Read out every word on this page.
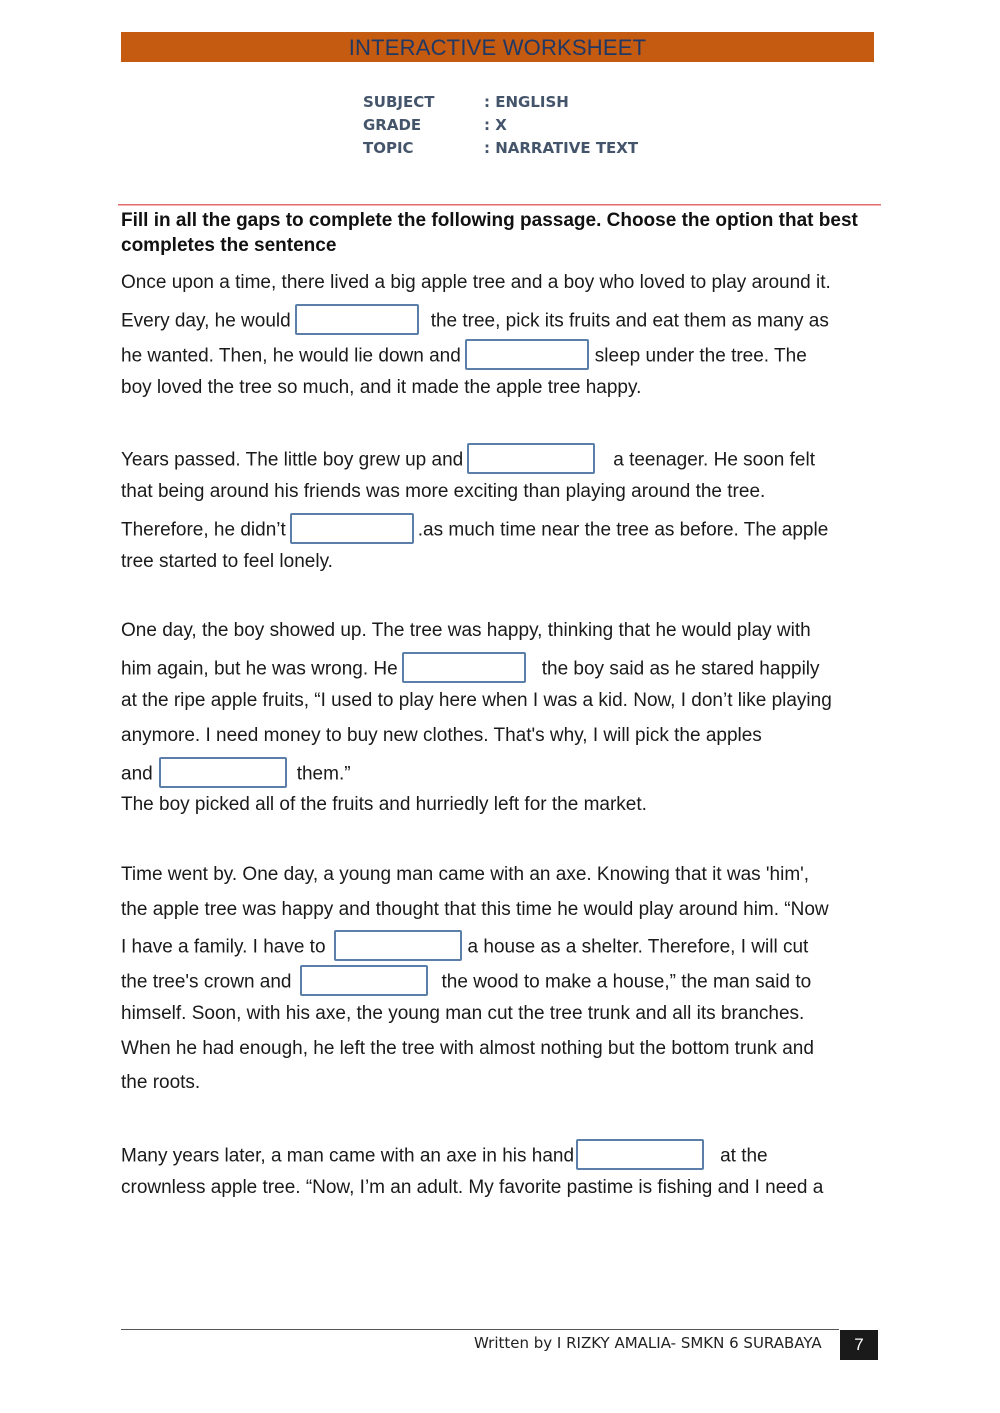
INTERACTIVE WORKSHEET
SUBJECT	: ENGLISH
GRADE	: X
TOPIC	: NARRATIVE TEXT
Fill in all the gaps to complete the following passage. Choose the option that best completes the sentence
Once upon a time, there lived a big apple tree and a boy who loved to play around it.
Every day, he would	the tree, pick its fruits and eat them as many as
he wanted. Then, he would lie down and	sleep under the tree. The
boy loved the tree so much, and it made the apple tree happy.
Years passed. The little boy grew up and	a teenager. He soon felt
that being around his friends was more exciting than playing around the tree.
Therefore, he didn’t	.as much time near the tree as before. The apple
tree started to feel lonely.
One day, the boy showed up. The tree was happy, thinking that he would play with
him again, but he was wrong. He	the boy said as he stared happily
at the ripe apple fruits, “I used to play here when I was a kid. Now, I don’t like playing
anymore. I need money to buy new clothes. That's why, I will pick the apples
and	them.”
The boy picked all of the fruits and hurriedly left for the market.
Time went by. One day, a young man came with an axe. Knowing that it was 'him',
the apple tree was happy and thought that this time he would play around him. “Now
I have a family. I have to	a house as a shelter. Therefore, I will cut
the tree's crown and	the wood to make a house,” the man said to
himself. Soon, with his axe, the young man cut the tree trunk and all its branches.
When he had enough, he left the tree with almost nothing but the bottom trunk and
the roots.
Many years later, a man came with an axe in his hand	at the
crownless apple tree. “Now, I’m an adult. My favorite pastime is fishing and I need a
Written by I RIZKY AMALIA- SMKN 6 SURABAYA	7
